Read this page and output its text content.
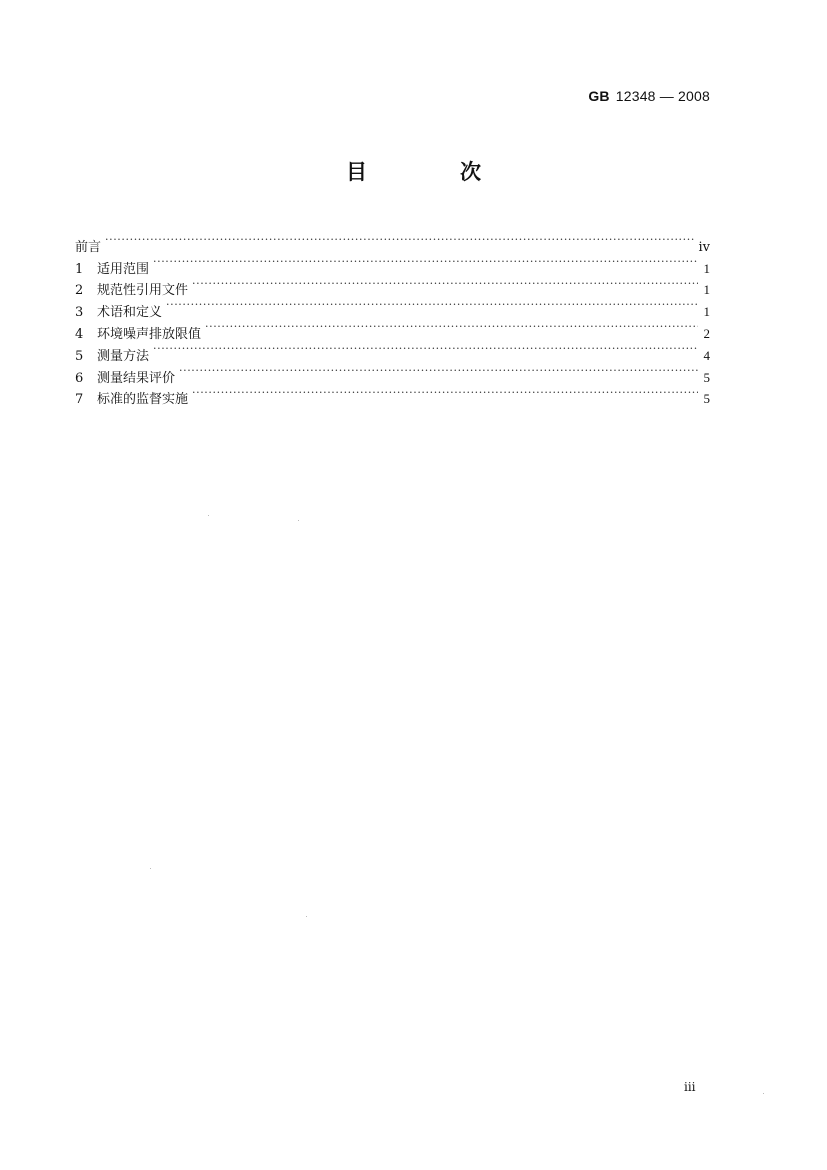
GB 12348 — 2008
目　次
前言 ·····	ⅳ
1	适用范围 ·····	1
2	规范性引用文件 ·····	1
3	术语和定义 ·····	1
4	环境噪声排放限值 ·····	2
5	测量方法 ·····	4
6	测量结果评价 ·····	5
7	标准的监督实施 ·····	5
ⅲ
